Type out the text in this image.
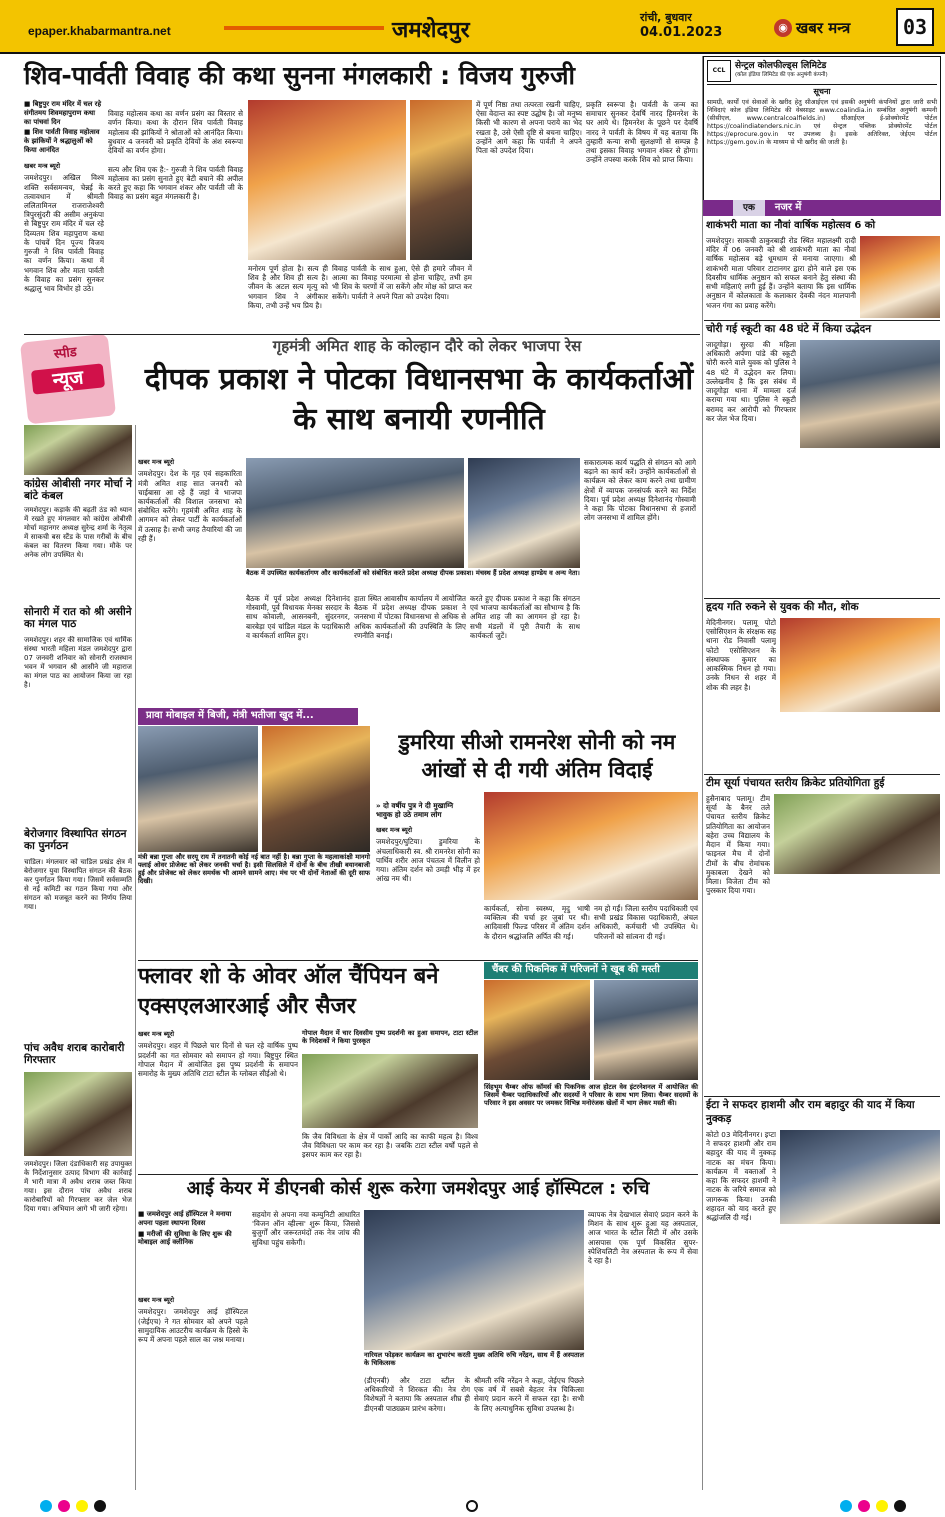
epaper.khabarmantra.net	जमशेदपुर
रांची, बुधवार
04.01.2023	◉ खबर मन्त्र	03
शिव-पार्वती विवाह की कथा सुनना मंगलकारी : विजय गुरुजी
■ बिष्टुपुर राम मंदिर में चल रहे संगीतमय शिवमहापुराण कथा का पांचवां दिन
■ शिव पार्वती विवाह महोत्सव के झांकियों ने श्रद्धालुओं को किया आनंदित
खबर मन्त्र ब्यूरो
जमशेदपुर। अखिल विश्व शक्ति सर्वसमन्वय, चेन्नई के तत्वावधान में श्रीमती ललितामिनल राजराजेश्वरी त्रिपुरसुंदरी की असीम अनुकंपा से बिष्टुपुर राम मंदिर में चल रहे दिव्यतम शिव महापुराण कथा के पांचवें दिन पूज्य विजय गुरुजी ने शिव पार्वती विवाह का वर्णन किया। कथा में भगवान शिव और माता पार्वती के विवाह का प्रसंग सुनकर श्रद्धालु भाव विभोर हो उठे।

विवाह महोत्सव कथा का वर्णन प्रसंग का विस्तार से वर्णन किया। कथा के दौरान शिव पार्वती विवाह महोत्सव की झांकियों ने श्रोताओं को आनंदित किया। बुधवार 4 जनवरी को प्रकृति देवियों के अंश स्वरूपा देवियों का वर्णन होगा।

सत्य और शिव एक है:- गुरुजी ने शिव पार्वती विवाह महोत्सव का प्रसंग सुनाते हुए बेटी बचाने की अपील करते हुए कहा कि भगवान शंकर और पार्वती जी के विवाह का प्रसंग बहुत मंगलकारी है।

मनोरम पूर्ण होता है। सत्य ही शिव है और शिव ही सत्य है। जीवन के अटल सत्य मृत्यु को भगवान शिव ने अंगीकार किया, तभी उन्हें भय प्रिय है।
विवाह पार्वती के साथ हुआ, ऐसे ही हमारे जीवन में आत्मा का विवाह परमात्मा से होना चाहिए, तभी हम भी शिव के चरणों में जा सकेंगे और मोक्ष को प्राप्त कर सकेंगे। पार्वती ने अपने पिता को उपदेश दिया।
में पूर्ण निष्ठा तथा तत्परता रखनी चाहिए, ऐसा वेदान्त का स्पष्ट उद्घोष है। जो मनुष्य किसी भी कारण से अपना पराये का भेद रखता है, उसे ऐसी दृष्टि से बचना चाहिए। उन्होंने आगे कहा कि पार्वती ने अपने पिता को उपदेश दिया।
प्रकृति स्वरूपा है। पार्वती के जन्म का समाचार सुनकर देवर्षि नारद हिमनरेश के घर आये थे। हिमनरेश के पूछने पर देवर्षि नारद ने पार्वती के विषय में यह बताया कि तुम्हारी कन्या सभी सुलक्षणों से सम्पन्न है तथा इसका विवाह भगवान शंकर से होगा। उन्होंने तपस्या करके शिव को प्राप्त किया।
CCL	सेन्ट्रल कोलफील्ड्स लिमिटेड
(कोल इंडिया लिमिटेड की एक अनुषंगी कंपनी)
सूचना
सामग्री, कार्यों एवं सेवाओं के खरीद हेतु सीआईएल एवं इसकी अनुषंगी कंपनियों द्वारा जारी सभी निविदाएं कोल इंडिया लिमिटेड की वेबसाइट www.coalindia.in सम्बंधित अनुषंगी कम्पनी (सीसीएल, www.centralcoalfields.in) सीआईएल ई-प्रोक्योरमेंट पोर्टल https://coalindiatenders.nic.in एवं सेन्ट्रल पब्लिक प्रोक्योरमेंट पोर्टल https://eprocure.gov.in पर उपलब्ध है। इसके अतिरिक्त, जेईएम पोर्टल https://gem.gov.in के माध्यम से भी खरीद की जाती है।
एक	नजर में
शाकंभरी माता का नौवां वार्षिक महोत्सव 6 को
जमशेदपुर। साकची ठाकुरबाड़ी रोड स्थित महालक्ष्मी दादी मंदिर में 06 जनवरी को श्री शाकंभरी माता का नौवां वार्षिक महोत्सव बड़े धूमधाम से मनाया जाएगा। श्री शाकंभरी माता परिवार टाटानगर द्वारा होने वाले इस एक दिवसीय धार्मिक अनुष्ठान को सफल बनाने हेतु संस्था की सभी महिलाएं लगी हुई हैं। उन्होंने बताया कि इस धार्मिक अनुष्ठान में कोलकाता के कलाकार देवकी नंदन मालपानी भजन गंगा का प्रवाह करेंगे।
स्पीड
न्यूज
गृहमंत्री अमित शाह के कोल्हान दौरे को लेकर भाजपा रेस
दीपक प्रकाश ने पोटका विधानसभा के कार्यकर्ताओं के साथ बनायी रणनीति
खबर मन्त्र ब्यूरो
जमशेदपुर। देश के गृह एवं सहकारिता मंत्री अमित शाह सात जनवरी को चाईबासा आ रहे हैं जहां वे भाजपा कार्यकर्ताओं की विशाल जनसभा को संबोधित करेंगे। गृहमंत्री अमित शाह के आगमन को लेकर पार्टी के कार्यकर्ताओं में उत्साह है। सभी जगह तैयारियां की जा रही हैं।
बैठक में उपस्थित कार्यकर्तागण और कार्यकर्ताओं को संबोधित करते प्रदेश अध्यक्ष दीपक प्रकाश। मंचस्थ हैं प्रदेश अध्यक्ष हाण्डेय व अन्य नेता।
बैठक में पूर्व प्रदेश अध्यक्ष दिनेशानंद गोस्वामी, पूर्व विधायक मेनका सरदार के साथ कोवाली, आसनबनी, सुंदरनगर, बारबेड़ा एवं चांडिल मंडल के पदाधिकारी व कार्यकर्ता शामिल हुए।
हाता स्थित आवासीय कार्यालय में आयोजित बैठक में प्रदेश अध्यक्ष दीपक प्रकाश ने जनसभा में पोटका विधानसभा से अधिक से अधिक कार्यकर्ताओं की उपस्थिति के लिए रणनीति बनाई।
करते हुए दीपक प्रकाश ने कहा कि संगठन एवं भाजपा कार्यकर्ताओं का सौभाग्य है कि अमित शाह जी का आगमन हो रहा है। सभी मंडलों में पूरी तैयारी के साथ कार्यकर्ता जुटें।
सकारात्मक कार्य पद्धति से संगठन को आगे बढ़ाने का कार्य करें। उन्होंने कार्यकर्ताओं से कार्यक्रम को लेकर काम करने तथा ग्रामीण क्षेत्रों में व्यापक जनसंपर्क करने का निर्देश दिया। पूर्व प्रदेश अध्यक्ष दिनेशानंद गोस्वामी ने कहा कि पोटका विधानसभा से हजारों लोग जनसभा में शामिल होंगे।
प्रावा मोबाइल में बिजी, मंत्री भतीजा खुद में...
मंत्री बन्ना गुप्ता और सरयू राय में तनातनी कोई नई बात नहीं है। बन्ना गुप्ता के महत्वाकांक्षी मानगो फ्लाई ओवर प्रोजेक्ट को लेकर जनकी चर्चा है। इसी सिलसिले में दोनों के बीच तीखी बयानबाजी हुई और प्रोजेक्ट को लेकर समर्थक भी आमने सामने आए। मंच पर भी दोनों नेताओं की दूरी साफ दिखी।
डुमरिया सीओ रामनरेश सोनी को नम आंखों से दी गयी अंतिम विदाई

» दो वर्षीय पुत्र ने दी मुखाग्नि
भावुक हो उठे तमाम लोग

खबर मन्त्र ब्यूरो
जमशेदपुर/घुटिया। डुमरिया के अंचलाधिकारी स्व. श्री रामनरेश सोनी का पार्थिव शरीर आज पंचतत्व में विलीन हो गया। अंतिम दर्शन को उमड़ी भीड़ में हर आंख नम थी।
कार्यकर्ता, सोना स्वस्थ्य, मृदु भाषी व्यक्तित्व की चर्चा हर जुबां पर थी। आदिवासी फिल्ड परिसर में अंतिम दर्शन के दौरान श्रद्धांजलि अर्पित की गई।
नम हो गईं। जिला स्तरीय पदाधिकारी एवं सभी प्रखंड विकास पदाधिकारी, अंचल अधिकारी, कर्मचारी भी उपस्थित थे। परिजनों को सांत्वना दी गई।
फ्लावर शो के ओवर ऑल चैंपियन बने एक्सएलआरआई और सैजर
खबर मन्त्र ब्यूरो
जमशेदपुर। शहर में पिछले चार दिनों से चल रहे वार्षिक पुष्प प्रदर्शनी का गत सोमवार को समापन हो गया। बिष्टुपुर स्थित गोपाल मैदान में आयोजित इस पुष्प प्रदर्शनी के समापन समारोह के मुख्य अतिथि टाटा स्टील के ग्लोबल सीईओ थे।
गोपाल मैदान में चार दिवसीय पुष्प प्रदर्शनी का हुआ समापन, टाटा स्टील के निदेशकों ने किया पुरस्कृत
कि जैव विविधता के क्षेत्र में पार्कों आदि का काफी महत्व है। विश्व जैव विविधता पर काम कर रहा है। जबकि टाटा स्टील वर्षों पहले से इसपर काम कर रहा है।
चैंबर की पिकनिक में परिजनों ने खूब की मस्ती
सिंहभूम चैम्बर ऑफ कॉमर्स की पिकनिक आज होटल वेव इंटरनेशनल में आयोजित की जिसमें चैम्बर पदाधिकारियों और सदस्यों ने परिवार के साथ भाग लिया। चैम्बर सदस्यों के परिवार ने इस अवसर पर जमकर विभिन्न मनोरंजक खेलों में भाग लेकर मस्ती की।
आई केयर में डीएनबी कोर्स शुरू करेगा जमशेदपुर आई हॉस्पिटल : रुचि
■ जमशेदपुर आई हॉस्पिटल ने मनाया अपना पहला स्थापना दिवस
■ मरीजों की सुविधा के लिए शुरू की मोबाइल आई क्लीनिक
खबर मन्त्र ब्यूरो
जमशेदपुर। जमशेदपुर आई हॉस्पिटल (जेईएच) ने गत सोमवार को अपने पहले सामुदायिक आउटरीच कार्यक्रम के हिस्से के रूप में अपना पहले साल का जश्न मनाया।
सहयोग से अपना नया कम्युनिटी आधारित 'विजन ऑन व्हील्स' शुरू किया, जिससे बुजुर्गों और जरूरतमंदों तक नेत्र जांच की सुविधा पहुंच सकेगी।
नारियल फोड़कर कार्यक्रम का शुभारंभ करती मुख्य अतिथि रुचि नरेंद्रन, साथ में हैं अस्पताल के चिकित्सक
(डीएनबी) और टाटा स्टील के अधिकारियों ने शिरकत की। नेत्र रोग विशेषज्ञों ने बताया कि अस्पताल शीघ्र ही डीएनबी पाठ्यक्रम प्रारंभ करेगा।
श्रीमती रुचि नरेंद्रन ने कहा, जेईएच पिछले एक वर्ष में सबसे बेहतर नेत्र चिकित्सा सेवाएं प्रदान करने में सफल रहा है। सभी के लिए अत्याधुनिक सुविधा उपलब्ध है।
व्यापक नेत्र देखभाल सेवाएं प्रदान करने के मिशन के साथ शुरू हुआ यह अस्पताल, आज भारत के स्टील सिटी में और उसके आसपास एक पूर्ण विकसित सुपर-स्पेशियलिटी नेत्र अस्पताल के रूप में सेवा दे रहा है।
कांग्रेस ओबीसी नगर मोर्चा ने बांटे कंबल
जमशेदपुर। कड़ाके की बढ़ती ठंड को ध्यान में रखते हुए मंगलवार को कांग्रेस ओबीसी मोर्चा महानगर अध्यक्ष सुरेन्द्र शर्मा के नेतृत्व में साकची बस स्टैंड के पास गरीबों के बीच कंबल का वितरण किया गया। मौके पर अनेक लोग उपस्थित थे।
सोनारी में रात को श्री असीने का मंगल पाठ
जमशेदपुर। शहर की सामाजिक एवं धार्मिक संस्था भारती महिला मंडल जमशेदपुर द्वारा 07 जनवरी शनिवार को सोनारी राजस्थान भवन में भगवान श्री आसीने जी महाराज का मंगल पाठ का आयोजन किया जा रहा है।
बेरोजगार विस्थापित संगठन का पुनर्गठन
चाडिल। मंगलवार को चाडिल प्रखंड क्षेत्र में बेरोजगार युवा विस्थापित संगठन की बैठक कर पुनर्गठन किया गया। जिसमें सर्वसम्मति से नई कमिटी का गठन किया गया और संगठन को मजबूत करने का निर्णय लिया गया।
पांच अवैध शराब कारोबारी गिरफ्तार
जमशेदपुर। जिला दंडाधिकारी सह उपायुक्त के निर्देशानुसार उत्पाद विभाग की कार्रवाई में भारी मात्रा में अवैध शराब जब्त किया गया। इस दौरान पांच अवैध शराब कारोबारियों को गिरफ्तार कर जेल भेज दिया गया। अभियान आगे भी जारी रहेगा।
चोरी गई स्कूटी का 48 घंटे में किया उद्भेदन
जादूगोड़ा। सुरदा की महिला अधिकारी अर्पणा पांडे की स्कूटी चोरी करने वाले युवक को पुलिस ने 48 घंटे में उद्भेदन कर लिया। उल्लेखनीय है कि इस संबंध में जादूगोड़ा थाना में मामला दर्ज कराया गया था। पुलिस ने स्कूटी बरामद कर आरोपी को गिरफ्तार कर जेल भेज दिया।
हृदय गति रुकने से युवक की मौत, शोक
मेदिनीनगर। पलामू पोटो एसोसिएशन के संरक्षक सह थाना रोड निवासी पलामू फोटो एसोसिएशन के संस्थापक कुमार का आकस्मिक निधन हो गया। उनके निधन से शहर में शोक की लहर है।
टीम सूर्या पंचायत स्तरीय क्रिकेट प्रतियोगिता हुई
हुसैनाबाद पलामू। टीम सूर्या के बैनर तले पंचायत स्तरीय क्रिकेट प्रतियोगिता का आयोजन बहेरा उच्च विद्यालय के मैदान में किया गया। फाइनल मैच में दोनों टीमों के बीच रोमांचक मुकाबला देखने को मिला। विजेता टीम को पुरस्कार दिया गया।
ईटा ने सफदर हाशमी और राम बहादुर की याद में किया नुक्कड़
कोटो 03 मेदिनीनगर। इप्टा ने सफदर हाशमी और राम बहादुर की याद में नुक्कड़ नाटक का मंचन किया। कार्यक्रम में वक्ताओं ने कहा कि सफदर हाशमी ने नाटक के जरिये समाज को जागरूक किया। उनकी शहादत को याद करते हुए श्रद्धांजलि दी गई।
